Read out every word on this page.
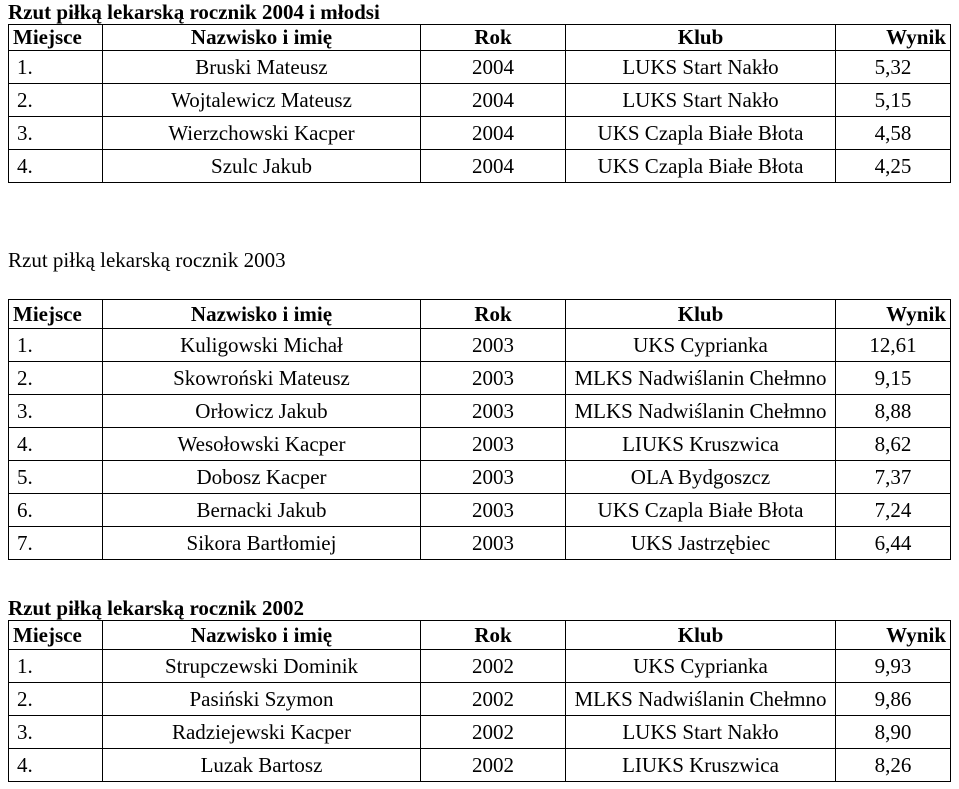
Rzut piłką lekarską rocznik 2004 i młodsi
Miejsce	Nazwisko i imię	Rok	Klub	Wynik
1.	Bruski Mateusz	2004	LUKS Start Nakło	5,32
2.	Wojtalewicz Mateusz	2004	LUKS Start Nakło	5,15
3.	Wierzchowski Kacper	2004	UKS Czapla Białe Błota	4,58
4.	Szulc Jakub	2004	UKS Czapla Białe Błota	4,25
Rzut piłką lekarską rocznik 2003
Miejsce	Nazwisko i imię	Rok	Klub	Wynik
1.	Kuligowski Michał	2003	UKS Cyprianka	12,61
2.	Skowroński Mateusz	2003	MLKS Nadwiślanin Chełmno	9,15
3.	Orłowicz Jakub	2003	MLKS Nadwiślanin Chełmno	8,88
4.	Wesołowski Kacper	2003	LIUKS Kruszwica	8,62
5.	Dobosz Kacper	2003	OLA Bydgoszcz	7,37
6.	Bernacki Jakub	2003	UKS Czapla Białe Błota	7,24
7.	Sikora Bartłomiej	2003	UKS Jastrzębiec	6,44
Rzut piłką lekarską rocznik 2002
Miejsce	Nazwisko i imię	Rok	Klub	Wynik
1.	Strupczewski Dominik	2002	UKS Cyprianka	9,93
2.	Pasiński Szymon	2002	MLKS Nadwiślanin Chełmno	9,86
3.	Radziejewski Kacper	2002	LUKS Start Nakło	8,90
4.	Luzak Bartosz	2002	LIUKS Kruszwica	8,26
